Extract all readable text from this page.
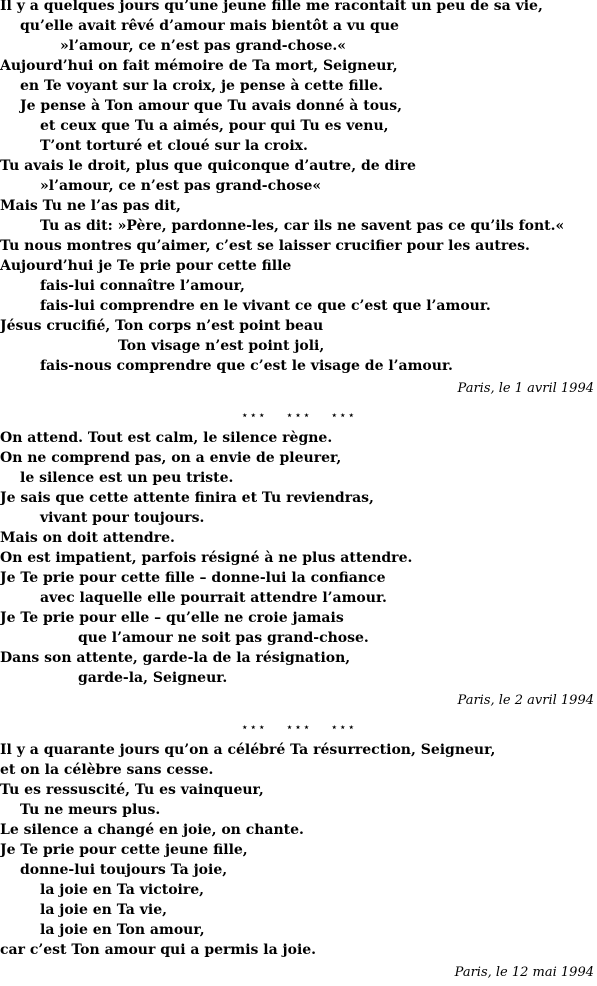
Il y a quelques jours qu’une jeune fille me racontait un peu de sa vie,
qu’elle avait rêvé d’amour mais bientôt a vu que
»l’amour, ce n’est pas grand-chose.«
Aujourd’hui on fait mémoire de Ta mort, Seigneur,
en Te voyant sur la croix, je pense à cette fille.
Je pense à Ton amour que Tu avais donné à tous,
et ceux que Tu a aimés, pour qui Tu es venu,
T’ont torturé et cloué sur la croix.
Tu avais le droit, plus que quiconque d’autre, de dire
»l’amour, ce n’est pas grand-chose«
Mais Tu ne l’as pas dit,
Tu as dit: »Père, pardonne-les, car ils ne savent pas ce qu’ils font.«
Tu nous montres qu’aimer, c’est se laisser crucifier pour les autres.
Aujourd’hui je Te prie pour cette fille
fais-lui connaître l’amour,
fais-lui comprendre en le vivant ce que c’est que l’amour.
Jésus crucifié, Ton corps n’est point beau
Ton visage n’est point joli,
fais-nous comprendre que c’est le visage de l’amour.
Paris, le 1 avril 1994
⋆⋆⋆    ⋆⋆⋆    ⋆⋆⋆
On attend. Tout est calm, le silence règne.
On ne comprend pas, on a envie de pleurer,
le silence est un peu triste.
Je sais que cette attente finira et Tu reviendras,
vivant pour toujours.
Mais on doit attendre.
On est impatient, parfois résigné à ne plus attendre.
Je Te prie pour cette fille – donne-lui la confiance
avec laquelle elle pourrait attendre l’amour.
Je Te prie pour elle – qu’elle ne croie jamais
que l’amour ne soit pas grand-chose.
Dans son attente, garde-la de la résignation,
garde-la, Seigneur.
Paris, le 2 avril 1994
⋆⋆⋆    ⋆⋆⋆    ⋆⋆⋆
Il y a quarante jours qu’on a célébré Ta résurrection, Seigneur,
et on la célèbre sans cesse.
Tu es ressuscité, Tu es vainqueur,
Tu ne meurs plus.
Le silence a changé en joie, on chante.
Je Te prie pour cette jeune fille,
donne-lui toujours Ta joie,
la joie en Ta victoire,
la joie en Ta vie,
la joie en Ton amour,
car c’est Ton amour qui a permis la joie.
Paris, le 12 mai 1994
